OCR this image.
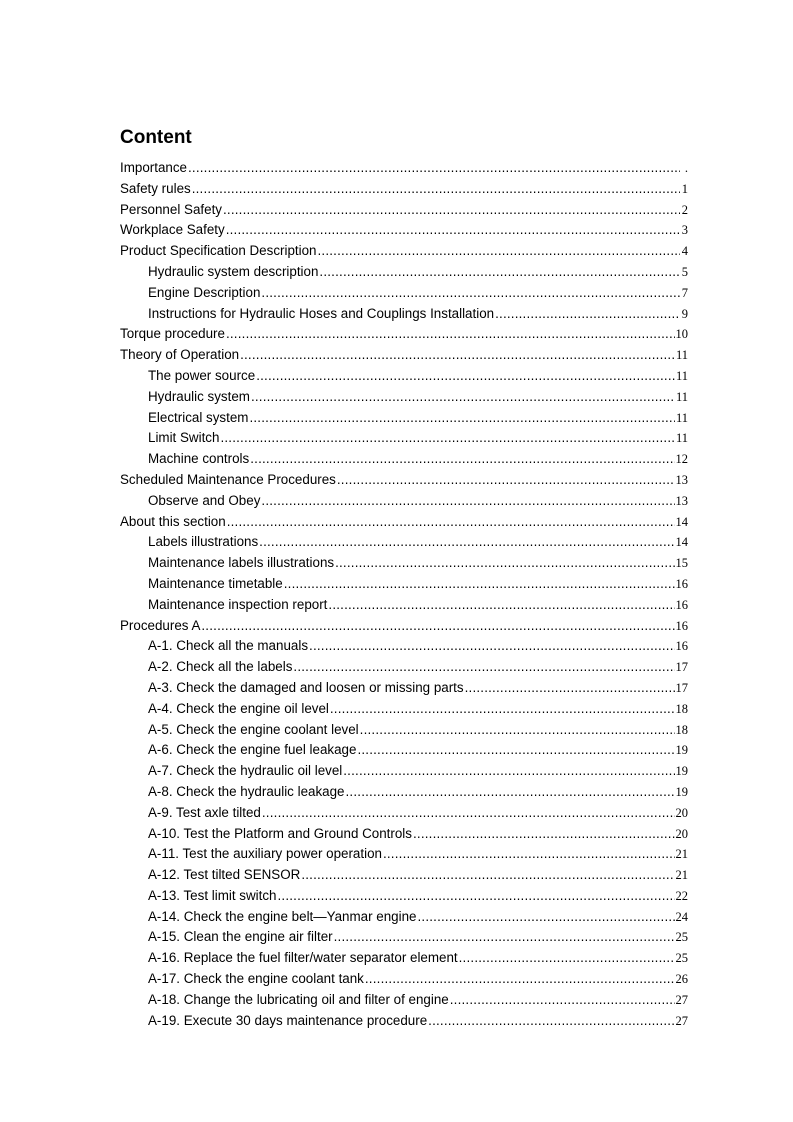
Content
Importance .....	.
Safety rules .....	1
Personnel Safety .....	2
Workplace Safety .....	3
Product Specification Description .....	4
Hydraulic system description .....	5
Engine Description .....	7
Instructions for Hydraulic Hoses and Couplings Installation .....	9
Torque procedure .....	10
Theory of Operation .....	11
The power source .....	11
Hydraulic system .....	11
Electrical system .....	11
Limit Switch .....	11
Machine controls .....	12
Scheduled Maintenance Procedures .....	13
Observe and Obey .....	13
About this section .....	14
Labels illustrations .....	14
Maintenance labels illustrations .....	15
Maintenance timetable .....	16
Maintenance inspection report .....	16
Procedures A .....	16
A-1. Check all the manuals .....	16
A-2. Check all the labels .....	17
A-3. Check the damaged and loosen or missing parts .....	17
A-4. Check the engine oil level .....	18
A-5. Check the engine coolant level .....	18
A-6. Check the engine fuel leakage .....	19
A-7. Check the hydraulic oil level .....	19
A-8. Check the hydraulic leakage .....	19
A-9. Test axle tilted .....	20
A-10. Test the Platform and Ground Controls .....	20
A-11. Test the auxiliary power operation .....	21
A-12. Test tilted SENSOR .....	21
A-13. Test limit switch .....	22
A-14. Check the engine belt—Yanmar engine .....	24
A-15. Clean the engine air filter .....	25
A-16. Replace the fuel filter/water separator element .....	25
A-17. Check the engine coolant tank .....	26
A-18. Change the lubricating oil and filter of engine .....	27
A-19. Execute 30 days maintenance procedure .....	27
